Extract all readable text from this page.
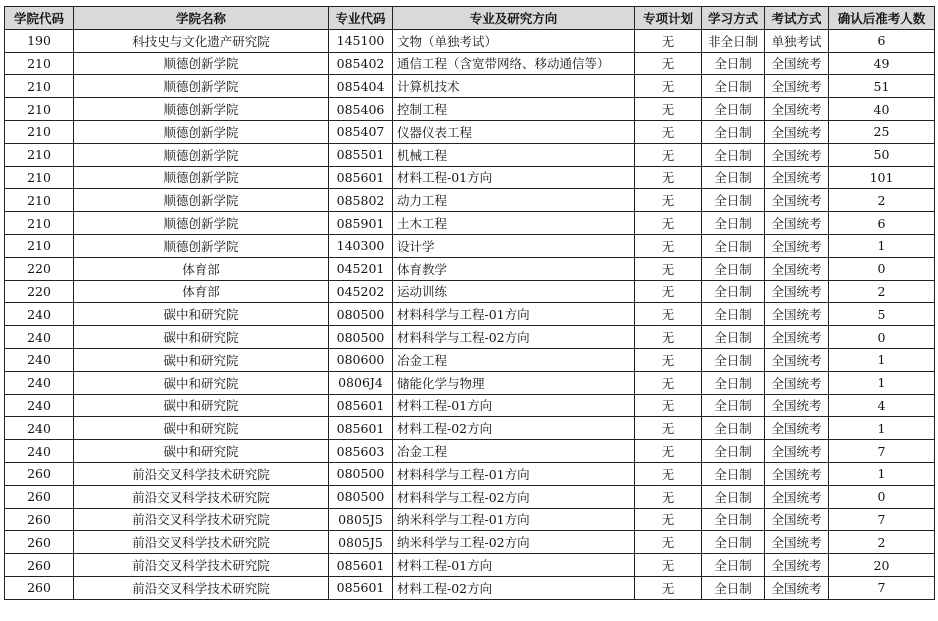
学院代码	学院名称	专业代码	专业及研究方向	专项计划	学习方式	考试方式	确认后准考人数
190	科技史与文化遗产研究院	145100	文物（单独考试）	无	非全日制	单独考试	6
210	顺德创新学院	085402	通信工程（含宽带网络、移动通信等）	无	全日制	全国统考	49
210	顺德创新学院	085404	计算机技术	无	全日制	全国统考	51
210	顺德创新学院	085406	控制工程	无	全日制	全国统考	40
210	顺德创新学院	085407	仪器仪表工程	无	全日制	全国统考	25
210	顺德创新学院	085501	机械工程	无	全日制	全国统考	50
210	顺德创新学院	085601	材料工程-01方向	无	全日制	全国统考	101
210	顺德创新学院	085802	动力工程	无	全日制	全国统考	2
210	顺德创新学院	085901	土木工程	无	全日制	全国统考	6
210	顺德创新学院	140300	设计学	无	全日制	全国统考	1
220	体育部	045201	体育教学	无	全日制	全国统考	0
220	体育部	045202	运动训练	无	全日制	全国统考	2
240	碳中和研究院	080500	材料科学与工程-01方向	无	全日制	全国统考	5
240	碳中和研究院	080500	材料科学与工程-02方向	无	全日制	全国统考	0
240	碳中和研究院	080600	冶金工程	无	全日制	全国统考	1
240	碳中和研究院	0806J4	储能化学与物理	无	全日制	全国统考	1
240	碳中和研究院	085601	材料工程-01方向	无	全日制	全国统考	4
240	碳中和研究院	085601	材料工程-02方向	无	全日制	全国统考	1
240	碳中和研究院	085603	冶金工程	无	全日制	全国统考	7
260	前沿交叉科学技术研究院	080500	材料科学与工程-01方向	无	全日制	全国统考	1
260	前沿交叉科学技术研究院	080500	材料科学与工程-02方向	无	全日制	全国统考	0
260	前沿交叉科学技术研究院	0805J5	纳米科学与工程-01方向	无	全日制	全国统考	7
260	前沿交叉科学技术研究院	0805J5	纳米科学与工程-02方向	无	全日制	全国统考	2
260	前沿交叉科学技术研究院	085601	材料工程-01方向	无	全日制	全国统考	20
260	前沿交叉科学技术研究院	085601	材料工程-02方向	无	全日制	全国统考	7
